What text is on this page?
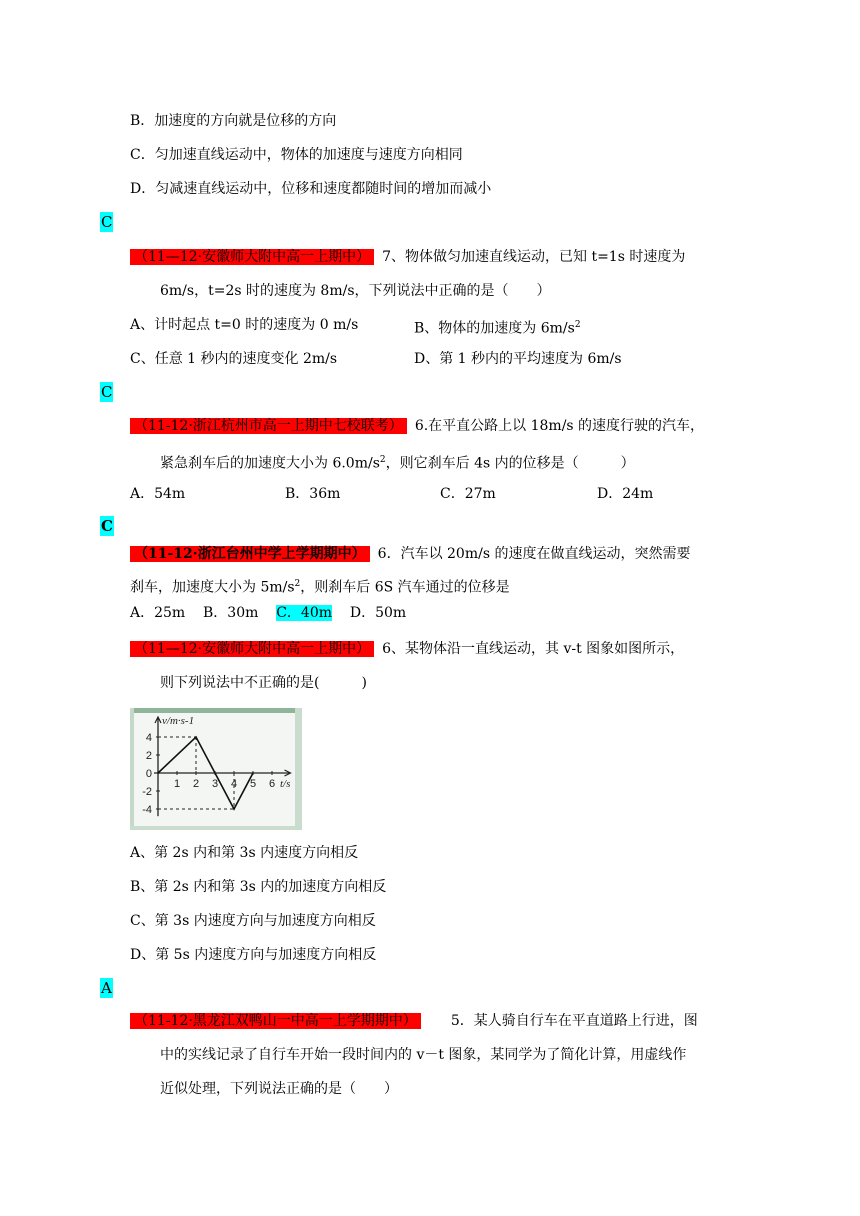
B．加速度的方向就是位移的方向
C．匀加速直线运动中，物体的加速度与速度方向相同
D．匀减速直线运动中，位移和速度都随时间的增加而减小
C
（11—12·安徽师大附中高一上期中） 7、物体做匀加速直线运动，已知 t=1s 时速度为
6m/s，t=2s 时的速度为 8m/s，下列说法中正确的是（　　）
A、计时起点 t=0 时的速度为 0 m/s	B、物体的加速度为 $6m/s^2$
C、任意 1 秒内的速度变化 2m/s	D、第 1 秒内的平均速度为 6m/s
C
（11-12·浙江杭州市高一上期中七校联考） 6.在平直公路上以 18m/s 的速度行驶的汽车，
紧急刹车后的加速度大小为 $6.0m/s^2$，则它刹车后 4s 内的位移是（　　　）
A．54m	B．36m	C．27m	D．24m
C
（11-12·浙江台州中学上学期期中） 6．汽车以 20m/s 的速度在做直线运动，突然需要
刹车，加速度大小为 $5m/s^2$，则刹车后 6S 汽车通过的位移是
A．25m B．30m C．40m D．50m
（11—12·安徽师大附中高一上期中） 6、某物体沿一直线运动，其 v-t 图象如图所示，
则下列说法中不正确的是(　　　)
v/m·s-1
t/s
4
2
0
-2
-4
1 2 3 4 5 6
A、第 2s 内和第 3s 内速度方向相反
B、第 2s 内和第 3s 内的加速度方向相反
C、第 3s 内速度方向与加速度方向相反
D、第 5s 内速度方向与加速度方向相反
A
（11-12·黑龙江双鸭山一中高一上学期期中） 5．某人骑自行车在平直道路上行进，图
中的实线记录了自行车开始一段时间内的 v－t 图象，某同学为了简化计算，用虚线作
近似处理，下列说法正确的是（　　）
